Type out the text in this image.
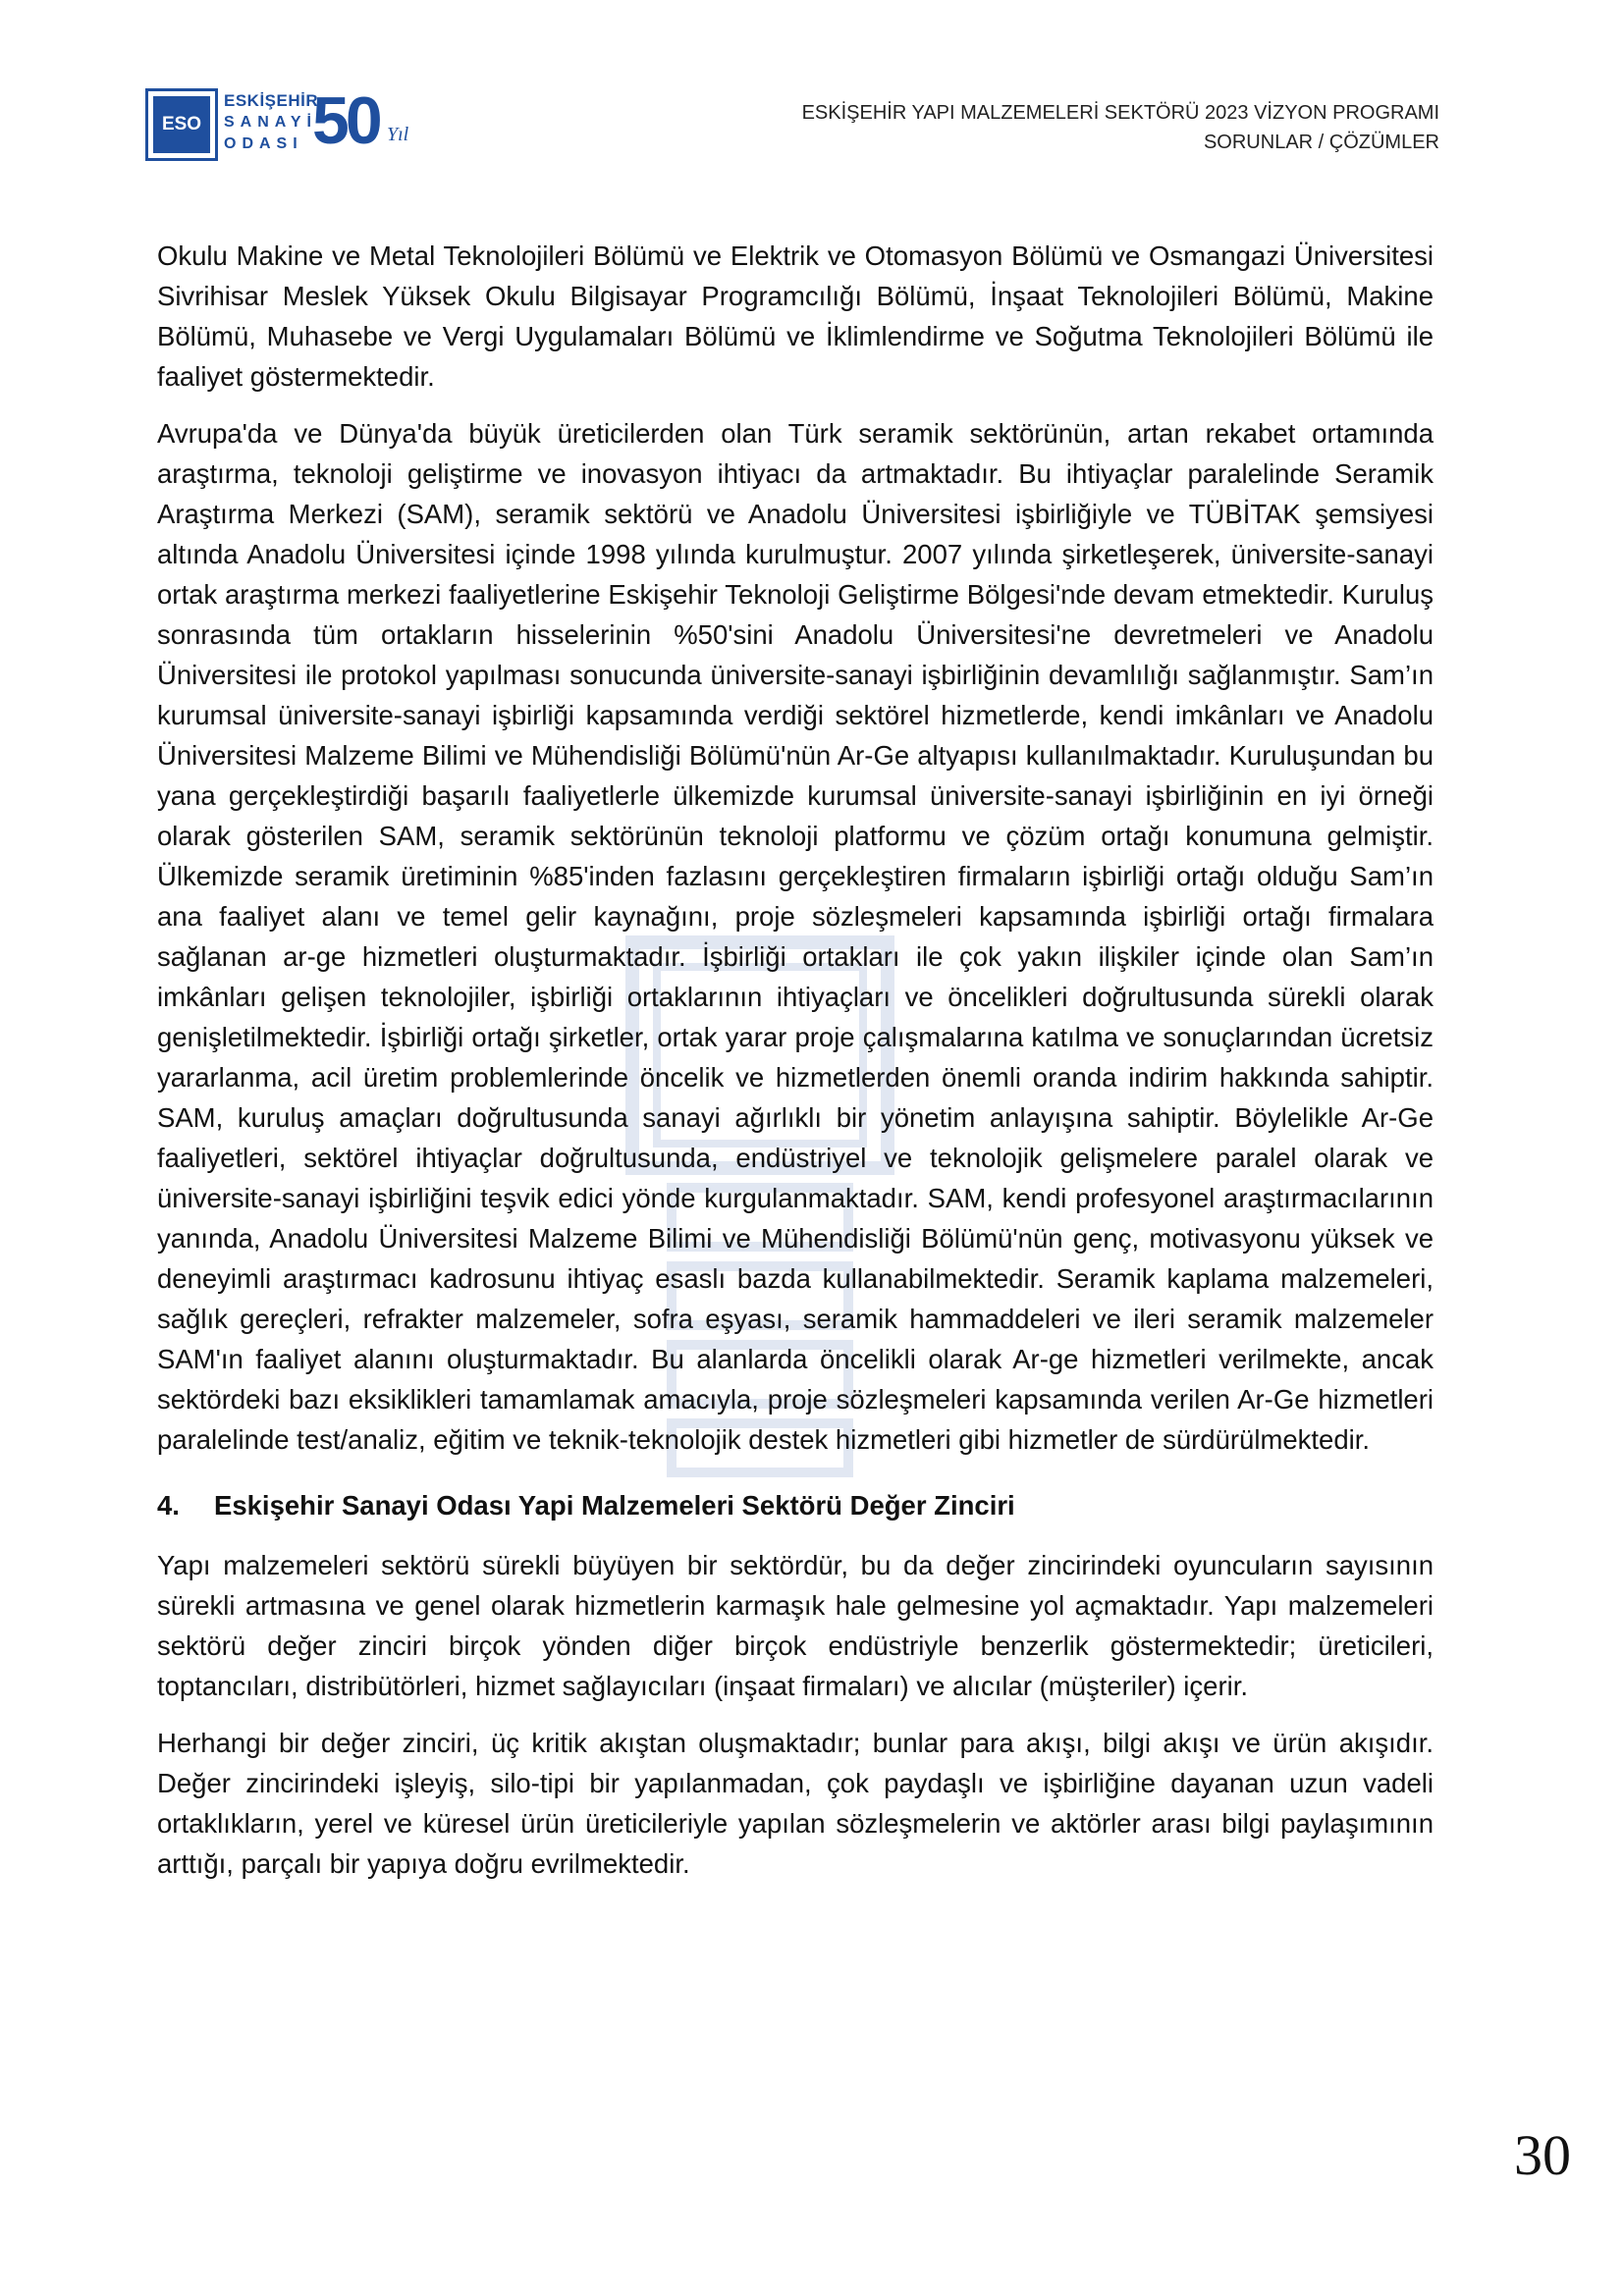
ESO
ESKİŞEHİR
SANAYİ
ODASI 50 Yıl
ESKİŞEHİR YAPI MALZEMELERİ SEKTÖRÜ 2023 VİZYON PROGRAMI
SORUNLAR / ÇÖZÜMLER

Okulu Makine ve Metal Teknolojileri Bölümü ve Elektrik ve Otomasyon Bölümü ve Osmangazi Üniversitesi Sivrihisar Meslek Yüksek Okulu Bilgisayar Programcılığı Bölümü, İnşaat Teknolojileri Bölümü, Makine Bölümü, Muhasebe ve Vergi Uygulamaları Bölümü ve İklimlendirme ve Soğutma Teknolojileri Bölümü ile faaliyet göstermektedir.

Avrupa'da ve Dünya'da büyük üreticilerden olan Türk seramik sektörünün, artan rekabet ortamında araştırma, teknoloji geliştirme ve inovasyon ihtiyacı da artmaktadır. Bu ihtiyaçlar paralelinde Seramik Araştırma Merkezi (SAM), seramik sektörü ve Anadolu Üniversitesi işbirliğiyle ve TÜBİTAK şemsiyesi altında Anadolu Üniversitesi içinde 1998 yılında kurulmuştur. 2007 yılında şirketleşerek, üniversite-sanayi ortak araştırma merkezi faaliyetlerine Eskişehir Teknoloji Geliştirme Bölgesi'nde devam etmektedir. Kuruluş sonrasında tüm ortakların hisselerinin %50'sini Anadolu Üniversitesi'ne devretmeleri ve Anadolu Üniversitesi ile protokol yapılması sonucunda üniversite-sanayi işbirliğinin devamlılığı sağlanmıştır. Sam’ın kurumsal üniversite-sanayi işbirliği kapsamında verdiği sektörel hizmetlerde, kendi imkânları ve Anadolu Üniversitesi Malzeme Bilimi ve Mühendisliği Bölümü'nün Ar-Ge altyapısı kullanılmaktadır. Kuruluşundan bu yana gerçekleştirdiği başarılı faaliyetlerle ülkemizde kurumsal üniversite-sanayi işbirliğinin en iyi örneği olarak gösterilen SAM, seramik sektörünün teknoloji platformu ve çözüm ortağı konumuna gelmiştir. Ülkemizde seramik üretiminin %85'inden fazlasını gerçekleştiren firmaların işbirliği ortağı olduğu Sam’ın ana faaliyet alanı ve temel gelir kaynağını, proje sözleşmeleri kapsamında işbirliği ortağı firmalara sağlanan ar-ge hizmetleri oluşturmaktadır. İşbirliği ortakları ile çok yakın ilişkiler içinde olan Sam’ın imkânları gelişen teknolojiler, işbirliği ortaklarının ihtiyaçları ve öncelikleri doğrultusunda sürekli olarak genişletilmektedir. İşbirliği ortağı şirketler, ortak yarar proje çalışmalarına katılma ve sonuçlarından ücretsiz yararlanma, acil üretim problemlerinde öncelik ve hizmetlerden önemli oranda indirim hakkında sahiptir. SAM, kuruluş amaçları doğrultusunda sanayi ağırlıklı bir yönetim anlayışına sahiptir. Böylelikle Ar-Ge faaliyetleri, sektörel ihtiyaçlar doğrultusunda, endüstriyel ve teknolojik gelişmelere paralel olarak ve üniversite-sanayi işbirliğini teşvik edici yönde kurgulanmaktadır. SAM, kendi profesyonel araştırmacılarının yanında, Anadolu Üniversitesi Malzeme Bilimi ve Mühendisliği Bölümü'nün genç, motivasyonu yüksek ve deneyimli araştırmacı kadrosunu ihtiyaç esaslı bazda kullanabilmektedir. Seramik kaplama malzemeleri, sağlık gereçleri, refrakter malzemeler, sofra eşyası, seramik hammaddeleri ve ileri seramik malzemeler SAM'ın faaliyet alanını oluşturmaktadır. Bu alanlarda öncelikli olarak Ar-ge hizmetleri verilmekte, ancak sektördeki bazı eksiklikleri tamamlamak amacıyla, proje sözleşmeleri kapsamında verilen Ar-Ge hizmetleri paralelinde test/analiz, eğitim ve teknik-teknolojik destek hizmetleri gibi hizmetler de sürdürülmektedir.

4. Eskişehir Sanayi Odası Yapi Malzemeleri Sektörü Değer Zinciri

Yapı malzemeleri sektörü sürekli büyüyen bir sektördür, bu da değer zincirindeki oyuncuların sayısının sürekli artmasına ve genel olarak hizmetlerin karmaşık hale gelmesine yol açmaktadır. Yapı malzemeleri sektörü değer zinciri birçok yönden diğer birçok endüstriyle benzerlik göstermektedir; üreticileri, toptancıları, distribütörleri, hizmet sağlayıcıları (inşaat firmaları) ve alıcılar (müşteriler) içerir.

Herhangi bir değer zinciri, üç kritik akıştan oluşmaktadır; bunlar para akışı, bilgi akışı ve ürün akışıdır. Değer zincirindeki işleyiş, silo-tipi bir yapılanmadan, çok paydaşlı ve işbirliğine dayanan uzun vadeli ortaklıkların, yerel ve küresel ürün üreticileriyle yapılan sözleşmelerin ve aktörler arası bilgi paylaşımının arttığı, parçalı bir yapıya doğru evrilmektedir.

30
